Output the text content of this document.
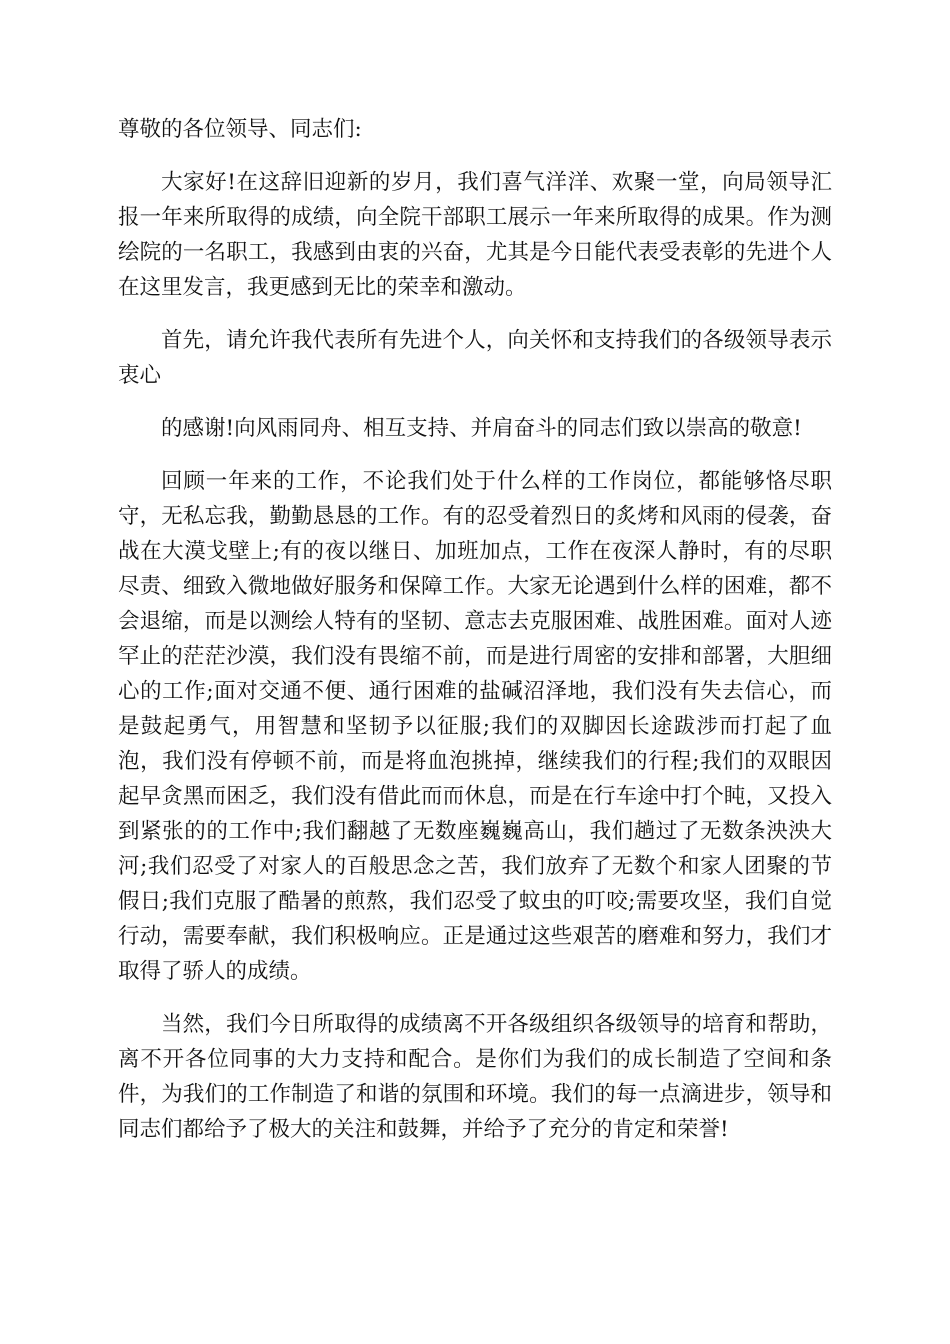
尊敬的各位领导、同志们:

大家好!在这辞旧迎新的岁月，我们喜气洋洋、欢聚一堂，向局领导汇报一年来所取得的成绩，向全院干部职工展示一年来所取得的成果。作为测绘院的一名职工，我感到由衷的兴奋，尤其是今日能代表受表彰的先进个人在这里发言，我更感到无比的荣幸和激动。

首先，请允许我代表所有先进个人，向关怀和支持我们的各级领导表示衷心

的感谢!向风雨同舟、相互支持、并肩奋斗的同志们致以崇高的敬意!

回顾一年来的工作，不论我们处于什么样的工作岗位，都能够恪尽职守，无私忘我，勤勤恳恳的工作。有的忍受着烈日的炙烤和风雨的侵袭，奋战在大漠戈壁上;有的夜以继日、加班加点，工作在夜深人静时，有的尽职尽责、细致入微地做好服务和保障工作。大家无论遇到什么样的困难，都不会退缩，而是以测绘人特有的坚韧、意志去克服困难、战胜困难。面对人迹罕止的茫茫沙漠，我们没有畏缩不前，而是进行周密的安排和部署，大胆细心的工作;面对交通不便、通行困难的盐碱沼泽地，我们没有失去信心，而是鼓起勇气，用智慧和坚韧予以征服;我们的双脚因长途跋涉而打起了血泡，我们没有停顿不前，而是将血泡挑掉，继续我们的行程;我们的双眼因起早贪黑而困乏，我们没有借此而而休息，而是在行车途中打个盹，又投入到紧张的的工作中;我们翻越了无数座巍巍高山，我们趟过了无数条泱泱大河;我们忍受了对家人的百般思念之苦，我们放弃了无数个和家人团聚的节假日;我们克服了酷暑的煎熬，我们忍受了蚊虫的叮咬;需要攻坚，我们自觉行动，需要奉献，我们积极响应。正是通过这些艰苦的磨难和努力，我们才取得了骄人的成绩。

当然，我们今日所取得的成绩离不开各级组织各级领导的培育和帮助，离不开各位同事的大力支持和配合。是你们为我们的成长制造了空间和条件，为我们的工作制造了和谐的氛围和环境。我们的每一点滴进步，领导和同志们都给予了极大的关注和鼓舞，并给予了充分的肯定和荣誉!
